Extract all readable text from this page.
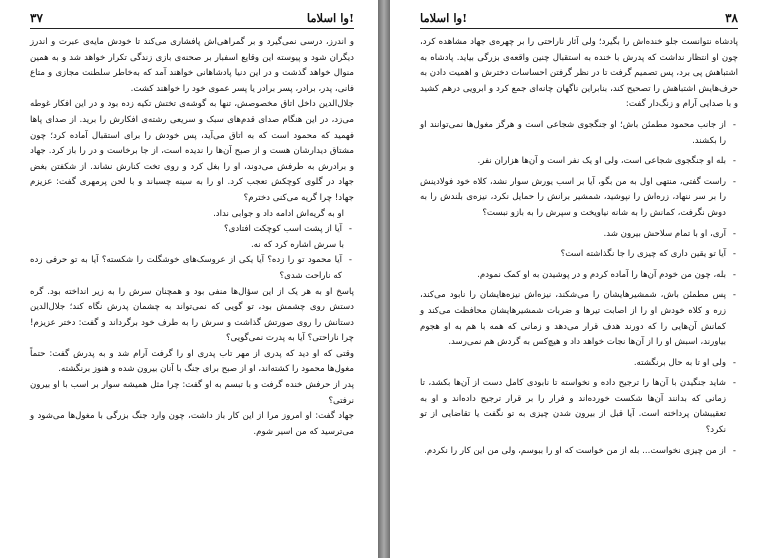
۳۷	وا اسلاما!

و اندرز، درسی نمی‌گیرد و بر گمراهی‌اش پافشاری می‌کند تا خودش مایه‌ی عبرت و اندرز دیگران شود و پیوسته این وقایع اسفبار بر صحنه‌ی بازی زندگی تکرار خواهد شد و به همین منوال خواهد گذشت و در این دنیا پادشاهانی خواهند آمد که به‌خاطر سلطنت مجازی و متاع فانی، پدر، برادر، پسر برادر یا پسر عموی خود را خواهند کشت.

جلال‌الدین داخل اتاق مخصوصش، تنها به گوشه‌ی تختش تکیه زده بود و در این افکار غوطه می‌زد، در این هنگام صدای قدم‌های سبک و سریعی رشته‌ی افکارش را برید. از صدای پاها فهمید که محمود است که به اتاق می‌آید، پس خودش را برای استقبال آماده کرد؛ چون مشتاق دیدارشان هست و از صبح آن‌ها را ندیده است، از جا برخاست و در را باز کرد. جهاد و برادرش به طرفش می‌دوند، او را بغل کرد و روی تخت کنارش نشاند. از شکفتن بغض جهاد در گلوی کوچکش تعجب کرد. او را به سینه چسباند و با لحن پرمهری گفت: عزیزم جهاد! چرا گریه می‌کنی دخترم؟

او به گریه‌اش ادامه داد و جوابی نداد.

- آیا از پشت اسب کوچکت افتادی؟

با سرش اشاره کرد که نه.

- آیا محمود تو را زده؟ آیا یکی از عروسک‌های خوشگلت را شکسته؟ آیا به تو حرفی زده که ناراحت شدی؟

پاسخ او به هر یک از این سؤال‌ها منفی بود و همچنان سرش را به زیر انداخته بود. گره دستش روی چشمش بود، تو گویی که نمی‌تواند به چشمان پدرش نگاه کند؛ جلال‌الدین دستانش را روی صورتش گذاشت و سرش را به طرف خود برگرداند و گفت: دختر عزیزم! چرا ناراحتی؟ آیا به پدرت نمی‌گویی؟

وقتی که او دید که پدری از مهر تاب پدری او را گرفت آرام شد و به پدرش گفت: حتماً مغول‌ها محمود را کشته‌اند، او از صبح برای جنگ با آنان بیرون شده و هنوز برنگشته.

پدر از حرفش خنده گرفت و با تبسم به او گفت: چرا مثل همیشه سوار بر اسب با او بیرون نرفتی؟

جهاد گفت: او امروز مرا از این کار باز داشت، چون وارد جنگ بزرگی با مغول‌ها می‌شود و می‌ترسید که من اسیر شوم.

وا اسلاما!	۳۸

پادشاه نتوانست جلو خنده‌اش را بگیرد؛ ولی آثار ناراحتی را بر چهره‌ی جهاد مشاهده کرد، چون او انتظار نداشت که پدرش با خنده به استقبال چنین واقعه‌ی بزرگی بیاید. پادشاه به اشتباهش پی برد، پس تصمیم گرفت تا در نظر گرفتن احساسات دخترش و اهمیت دادن به حرف‌هایش اشتباهش را تصحیح کند، بنابراین ناگهان چانه‌ای جمع کرد و ابرویی درهم کشید و با صدایی آرام و زنگ‌دار گفت:

- از جانب محمود مطمئن باش؛ او جنگجوی شجاعی است و هرگز مغول‌ها نمی‌توانند او را بکشند.

- بله او جنگجوی شجاعی است، ولی او یک نفر است و آن‌ها هزاران نفر.

- راست گفتی، منتهی اول به من بگو، آیا بر اسب یورش سوار نشد، کلاه خود فولادینش را بر سر ننهاد، زره‌اش را نپوشید، شمشیر برانش را حمایل نکرد، نیزه‌ی بلندش را به دوش نگرفت، کمانش را به شانه نیاویخت و سپرش را به بازو نبست؟

- آری، او با تمام سلاحش بیرون شد.

- آیا تو یقین داری که چیزی را جا نگذاشته است؟

- بله، چون من خودم آن‌ها را آماده کردم و در پوشیدن به او کمک نمودم.

- پس مطمئن باش، شمشیرهایشان را می‌شکند، نیزه‌اش نیزه‌هایشان را نابود می‌کند، زره و کلاه خودش او را از اصابت تیرها و ضربات شمشیرهایشان محافظت می‌کند و کمانش آن‌هایی را که دورند هدف قرار می‌دهد و زمانی که همه با هم به او هجوم بیاورند، اسبش او را از آن‌ها نجات خواهد داد و هیچ‌کس به گردش هم نمی‌رسد.

- ولی او تا به حال برنگشته.

- شاید جنگیدن با آن‌ها را ترجیح داده و نخواسته تا نابودی کامل دست از آن‌ها بکشد، تا زمانی که بدانند آن‌ها شکست خورده‌اند و فرار را بر قرار ترجیح داده‌اند و او به تعقیبشان پرداخته است. آیا قبل از بیرون شدن چیزی به تو نگفت یا تقاضایی از تو نکرد؟

- از من چیزی نخواست... بله از من خواست که او را ببوسم، ولی من این کار را نکردم.
